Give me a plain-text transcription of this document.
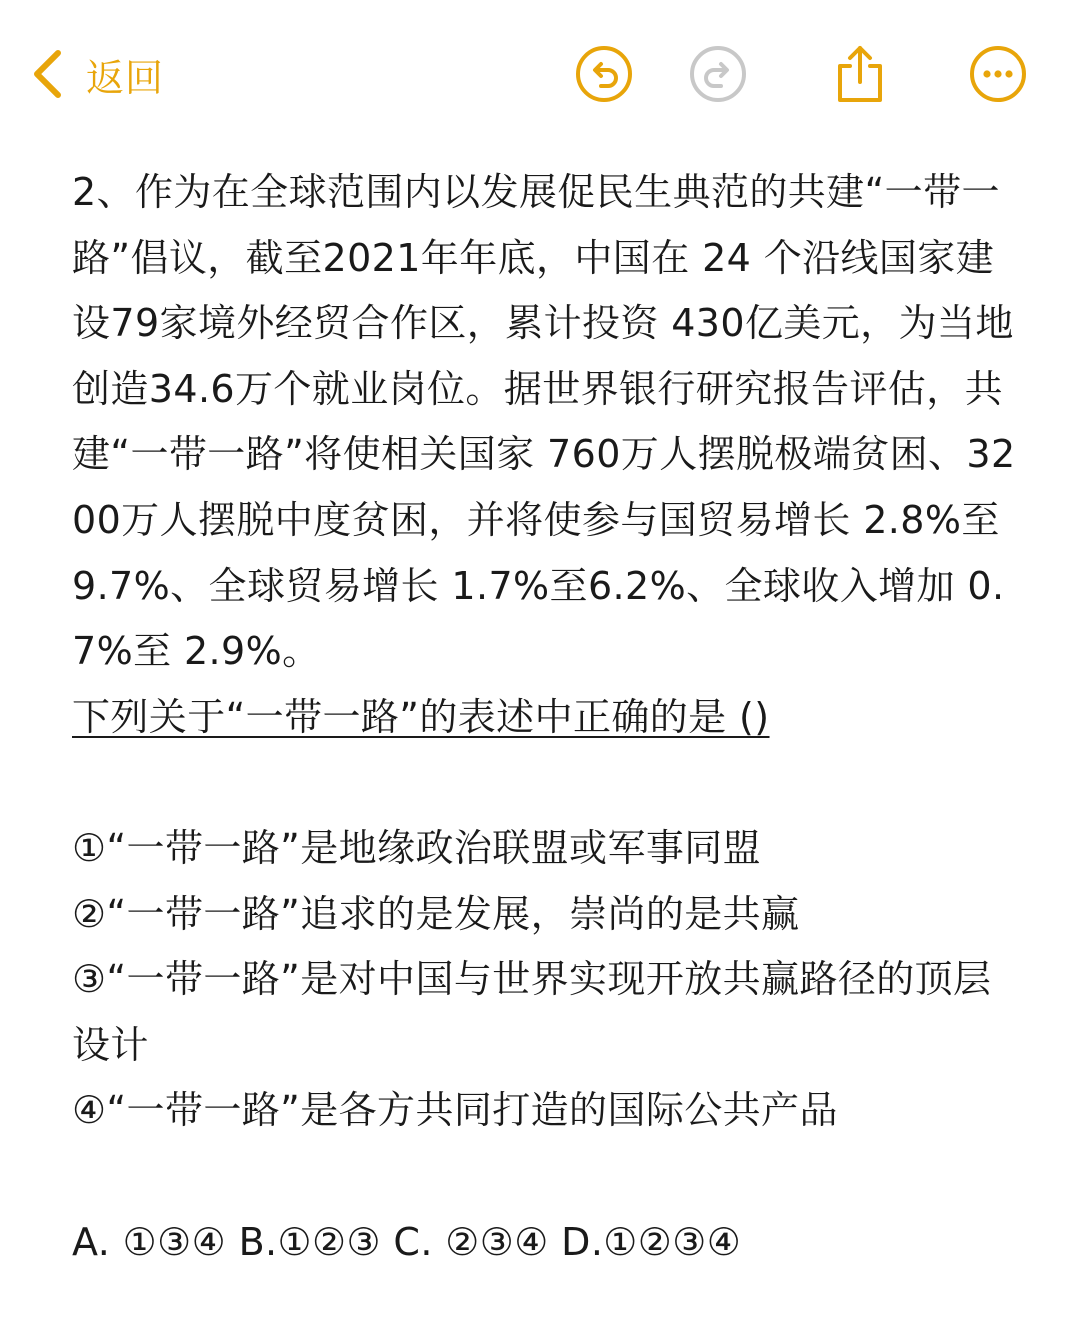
返回

2、作为在全球范围内以发展促民生典范的共建“一带一路”倡议，截至2021年年底，中国在 24 个沿线国家建设79家境外经贸合作区，累计投资 430亿美元，为当地创造34.6万个就业岗位。据世界银行研究报告评估，共建“一带一路”将使相关国家 760万人摆脱极端贫困、3200万人摆脱中度贫困，并将使参与国贸易增长 2.8%至9.7%、全球贸易增长 1.7%至6.2%、全球收入增加 0.7%至 2.9%。

下列关于“一带一路”的表述中正确的是 ()

①“一带一路”是地缘政治联盟或军事同盟

②“一带一路”追求的是发展，崇尚的是共赢

③“一带一路”是对中国与世界实现开放共赢路径的顶层设计

④“一带一路”是各方共同打造的国际公共产品

A. ①③④ B.①②③ C. ②③④ D.①②③④
